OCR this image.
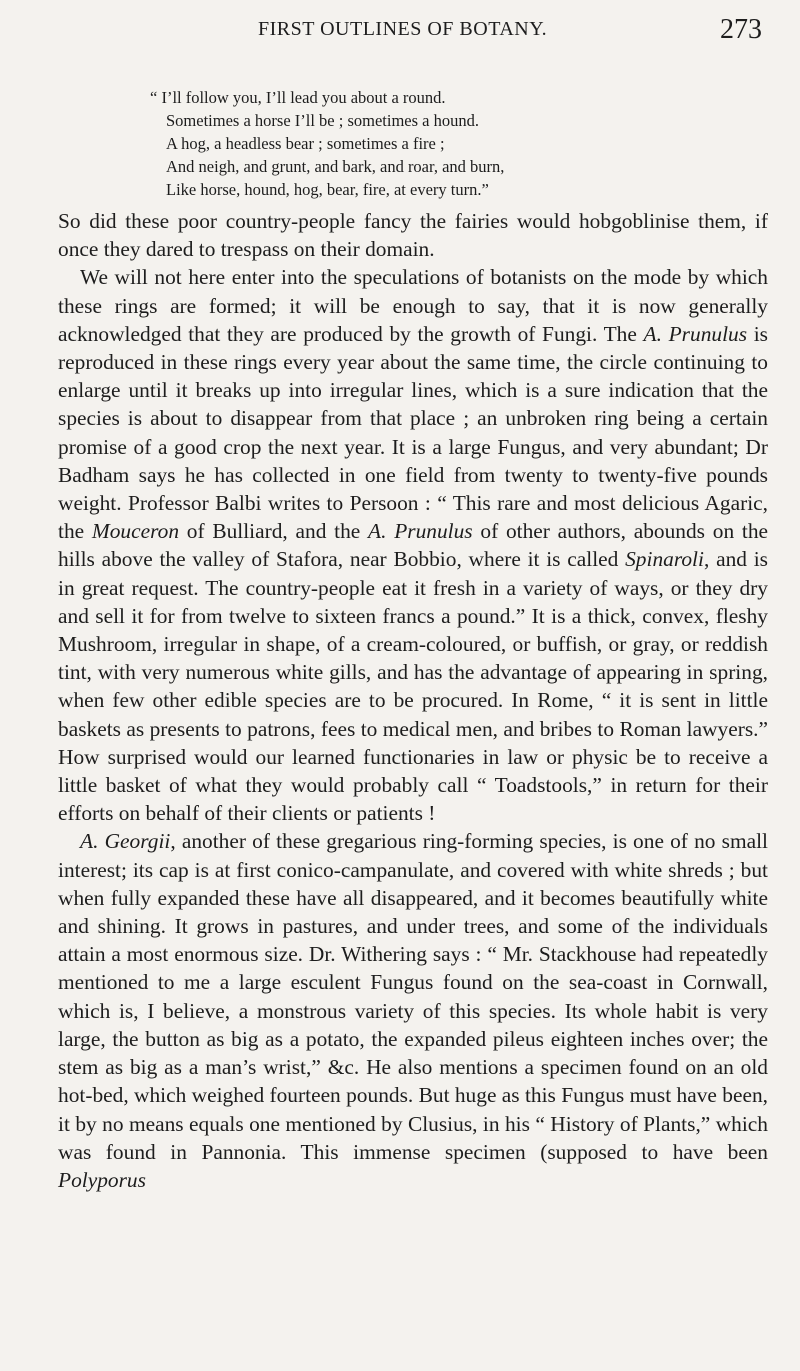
FIRST OUTLINES OF BOTANY.	273
“ I’ll follow you, I’ll lead you about a round.
Sometimes a horse I’ll be ; sometimes a hound.
A hog, a headless bear ; sometimes a fire ;
And neigh, and grunt, and bark, and roar, and burn,
Like horse, hound, hog, bear, fire, at every turn.”

So did these poor country-people fancy the fairies would hobgoblinise them, if once they dared to trespass on their domain.

We will not here enter into the speculations of botanists on the mode by which these rings are formed; it will be enough to say, that it is now generally acknowledged that they are produced by the growth of Fungi. The A. Prunulus is reproduced in these rings every year about the same time, the circle continuing to enlarge until it breaks up into irregular lines, which is a sure indication that the species is about to disappear from that place ; an unbroken ring being a certain promise of a good crop the next year. It is a large Fungus, and very abundant; Dr Badham says he has collected in one field from twenty to twenty-five pounds weight. Professor Balbi writes to Persoon : “ This rare and most delicious Agaric, the Mouceron of Bulliard, and the A. Prunulus of other authors, abounds on the hills above the valley of Stafora, near Bobbio, where it is called Spinaroli, and is in great request. The country-people eat it fresh in a variety of ways, or they dry and sell it for from twelve to sixteen francs a pound.” It is a thick, convex, fleshy Mushroom, irregular in shape, of a cream-coloured, or buffish, or gray, or reddish tint, with very numerous white gills, and has the advantage of appearing in spring, when few other edible species are to be procured. In Rome, “ it is sent in little baskets as presents to patrons, fees to medical men, and bribes to Roman lawyers.” How surprised would our learned functionaries in law or physic be to receive a little basket of what they would probably call “ Toadstools,” in return for their efforts on behalf of their clients or patients !

A. Georgii, another of these gregarious ring-forming species, is one of no small interest; its cap is at first conico-campanulate, and covered with white shreds ; but when fully expanded these have all disappeared, and it becomes beautifully white and shining. It grows in pastures, and under trees, and some of the individuals attain a most enormous size. Dr. Withering says : “ Mr. Stackhouse had repeatedly mentioned to me a large esculent Fungus found on the sea-coast in Cornwall, which is, I believe, a monstrous variety of this species. Its whole habit is very large, the button as big as a potato, the expanded pileus eighteen inches over; the stem as big as a man’s wrist,” &c. He also mentions a specimen found on an old hot-bed, which weighed fourteen pounds. But huge as this Fungus must have been, it by no means equals one mentioned by Clusius, in his “ History of Plants,” which was found in Pannonia. This immense specimen (supposed to have been Polyporus
